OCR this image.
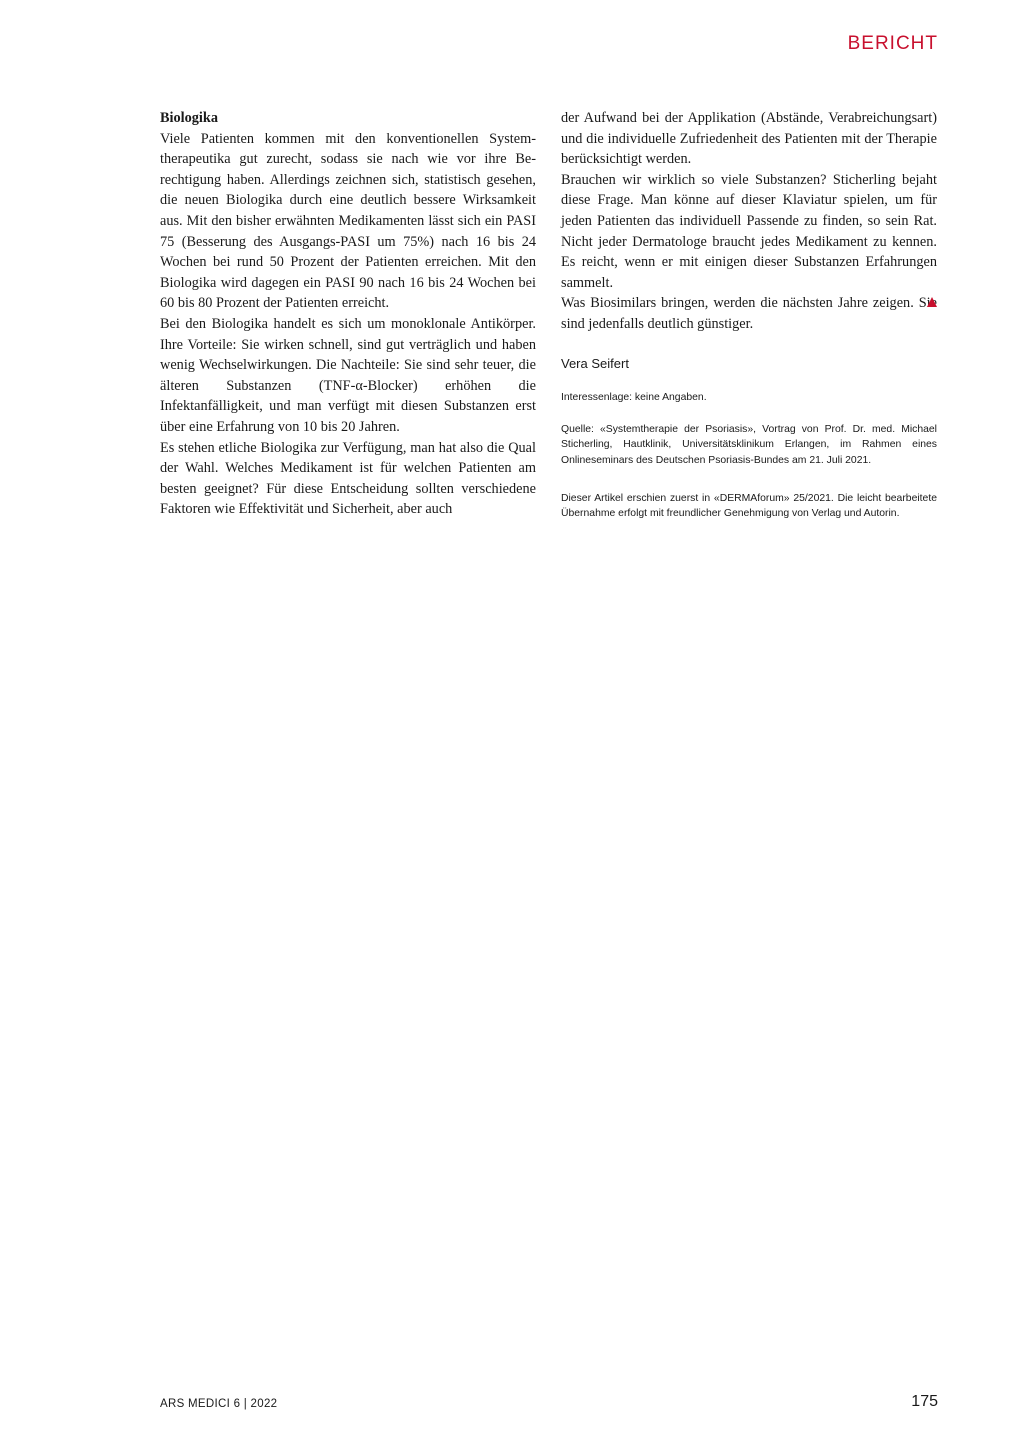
BERICHT

Biologika

Viele Patienten kommen mit den konventionellen Systemtherapeutika gut zurecht, sodass sie nach wie vor ihre Berechtigung haben. Allerdings zeichnen sich, statistisch gesehen, die neuen Biologika durch eine deutlich bessere Wirksamkeit aus. Mit den bisher erwähnten Medikamenten lässt sich ein PASI 75 (Besserung des Ausgangs-PASI um 75%) nach 16 bis 24 Wochen bei rund 50 Prozent der Patienten erreichen. Mit den Biologika wird dagegen ein PASI 90 nach 16 bis 24 Wochen bei 60 bis 80 Prozent der Patienten erreicht.

Bei den Biologika handelt es sich um monoklonale Antikörper. Ihre Vorteile: Sie wirken schnell, sind gut verträglich und haben wenig Wechselwirkungen. Die Nachteile: Sie sind sehr teuer, die älteren Substanzen (TNF-α-Blocker) erhöhen die Infektanfälligkeit, und man verfügt mit diesen Substanzen erst über eine Erfahrung von 10 bis 20 Jahren.

Es stehen etliche Biologika zur Verfügung, man hat also die Qual der Wahl. Welches Medikament ist für welchen Patienten am besten geeignet? Für diese Entscheidung sollten verschiedene Faktoren wie Effektivität und Sicherheit, aber auch

der Aufwand bei der Applikation (Abstände, Verabreichungsart) und die individuelle Zufriedenheit des Patienten mit der Therapie berücksichtigt werden.

Brauchen wir wirklich so viele Substanzen? Sticherling bejaht diese Frage. Man könne auf dieser Klaviatur spielen, um für jeden Patienten das individuell Passende zu finden, so sein Rat. Nicht jeder Dermatologe braucht jedes Medikament zu kennen. Es reicht, wenn er mit einigen dieser Substanzen Erfahrungen sammelt.

Was Biosimilars bringen, werden die nächsten Jahre zeigen. Sie sind jedenfalls deutlich günstiger.

Vera Seifert

Interessenlage: keine Angaben.

Quelle: «Systemtherapie der Psoriasis», Vortrag von Prof. Dr. med. Michael Sticherling, Hautklinik, Universitätsklinikum Erlangen, im Rahmen eines Onlineseminars des Deutschen Psoriasis-Bundes am 21. Juli 2021.

Dieser Artikel erschien zuerst in «DERMAforum» 25/2021. Die leicht bearbeitete Übernahme erfolgt mit freundlicher Genehmigung von Verlag und Autorin.

ARS MEDICI 6 | 2022	175
